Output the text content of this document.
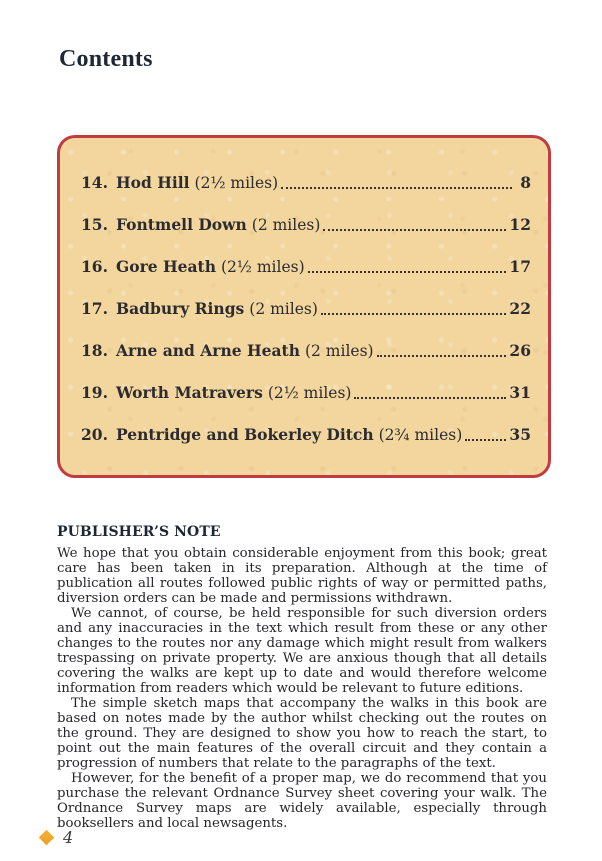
Contents
14. Hod Hill (2½ miles)	8
15. Fontmell Down (2 miles)	12
16. Gore Heath (2½ miles)	17
17. Badbury Rings (2 miles)	22
18. Arne and Arne Heath (2 miles)	26
19. Worth Matravers (2½ miles)	31
20. Pentridge and Bokerley Ditch (2¾ miles)	35
PUBLISHER’S NOTE

We hope that you obtain considerable enjoyment from this book; great care has been taken in its preparation. Although at the time of publication all routes followed public rights of way or permitted paths, diversion orders can be made and permissions withdrawn.

We cannot, of course, be held responsible for such diversion orders and any inaccuracies in the text which result from these or any other changes to the routes nor any damage which might result from walkers trespassing on private property. We are anxious though that all details covering the walks are kept up to date and would therefore welcome information from readers which would be relevant to future editions.

The simple sketch maps that accompany the walks in this book are based on notes made by the author whilst checking out the routes on the ground. They are designed to show you how to reach the start, to point out the main features of the overall circuit and they contain a progression of numbers that relate to the paragraphs of the text.

However, for the benefit of a proper map, we do recommend that you purchase the relevant Ordnance Survey sheet covering your walk. The Ordnance Survey maps are widely available, especially through booksellers and local newsagents.

4
